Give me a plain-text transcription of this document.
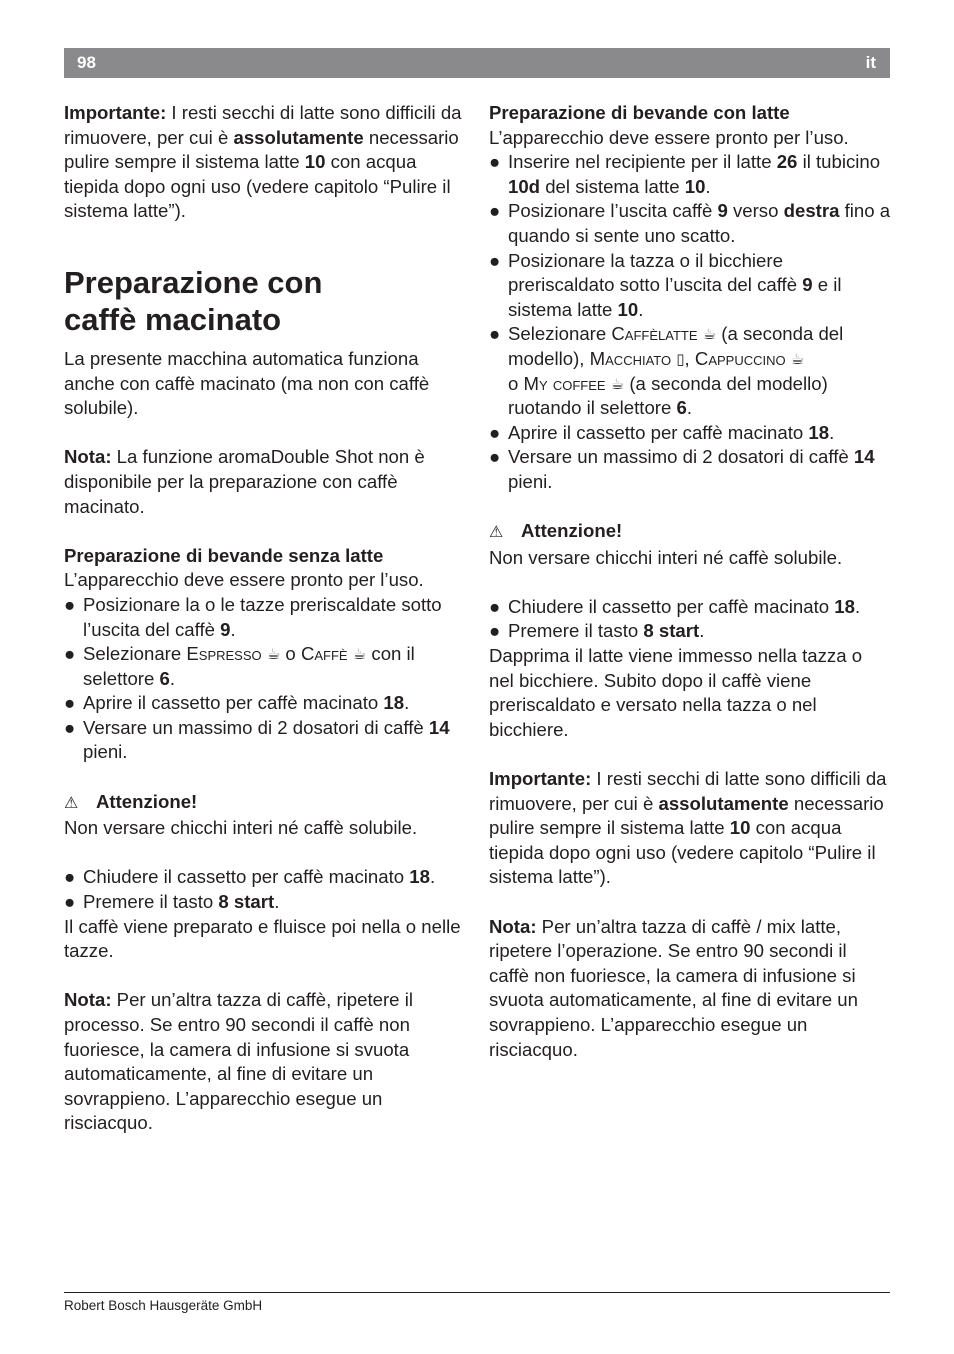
98	it

Importante: I resti secchi di latte sono difficili da rimuovere, per cui è assolutamente necessario pulire sempre il sistema latte 10 con acqua tiepida dopo ogni uso (vedere capitolo “Pulire il sistema latte”).

Preparazione con
caffè macinato

La presente macchina automatica funziona anche con caffè macinato (ma non con caffè solubile).

Nota: La funzione aromaDouble Shot non è disponibile per la preparazione con caffè macinato.

Preparazione di bevande senza latte
L’apparecchio deve essere pronto per l’uso.
● Posizionare la o le tazze preriscaldate sotto l’uscita del caffè 9.
● Selezionare Espresso ☕ o Caffè ☕ con il selettore 6.
● Aprire il cassetto per caffè macinato 18.
● Versare un massimo di 2 dosatori di caffè 14 pieni.
⚠ Attenzione!

Non versare chicchi interi né caffè solubile.

● Chiudere il cassetto per caffè macinato 18.
● Premere il tasto 8 start.

Il caffè viene preparato e fluisce poi nella o nelle tazze.

Nota: Per un’altra tazza di caffè, ripetere il processo. Se entro 90 secondi il caffè non fuoriesce, la camera di infusione si svuota automaticamente, al fine di evitare un sovrappieno. L’apparecchio esegue un risciacquo.

Preparazione di bevande con latte
L’apparecchio deve essere pronto per l’uso.
● Inserire nel recipiente per il latte 26 il tubicino 10d del sistema latte 10.
● Posizionare l’uscita caffè 9 verso destra fino a quando si sente uno scatto.
● Posizionare la tazza o il bicchiere preriscaldato sotto l’uscita del caffè 9 e il sistema latte 10.
● Selezionare Caffèlatte ☕ (a seconda del modello), Macchiato ▯, Cappuccino ☕
o My coffee ☕ (a seconda del modello) ruotando il selettore 6.
● Aprire il cassetto per caffè macinato 18.
● Versare un massimo di 2 dosatori di caffè 14 pieni.
⚠ Attenzione!

Non versare chicchi interi né caffè solubile.

● Chiudere il cassetto per caffè macinato 18.
● Premere il tasto 8 start.

Dapprima il latte viene immesso nella tazza o nel bicchiere. Subito dopo il caffè viene preriscaldato e versato nella tazza o nel bicchiere.

Importante: I resti secchi di latte sono difficili da rimuovere, per cui è assolutamente necessario pulire sempre il sistema latte 10 con acqua tiepida dopo ogni uso (vedere capitolo “Pulire il sistema latte”).

Nota: Per un’altra tazza di caffè / mix latte, ripetere l’operazione. Se entro 90 secondi il caffè non fuoriesce, la camera di infusione si svuota automaticamente, al fine di evitare un sovrappieno. L’apparecchio esegue un risciacquo.

Robert Bosch Hausgeräte GmbH
